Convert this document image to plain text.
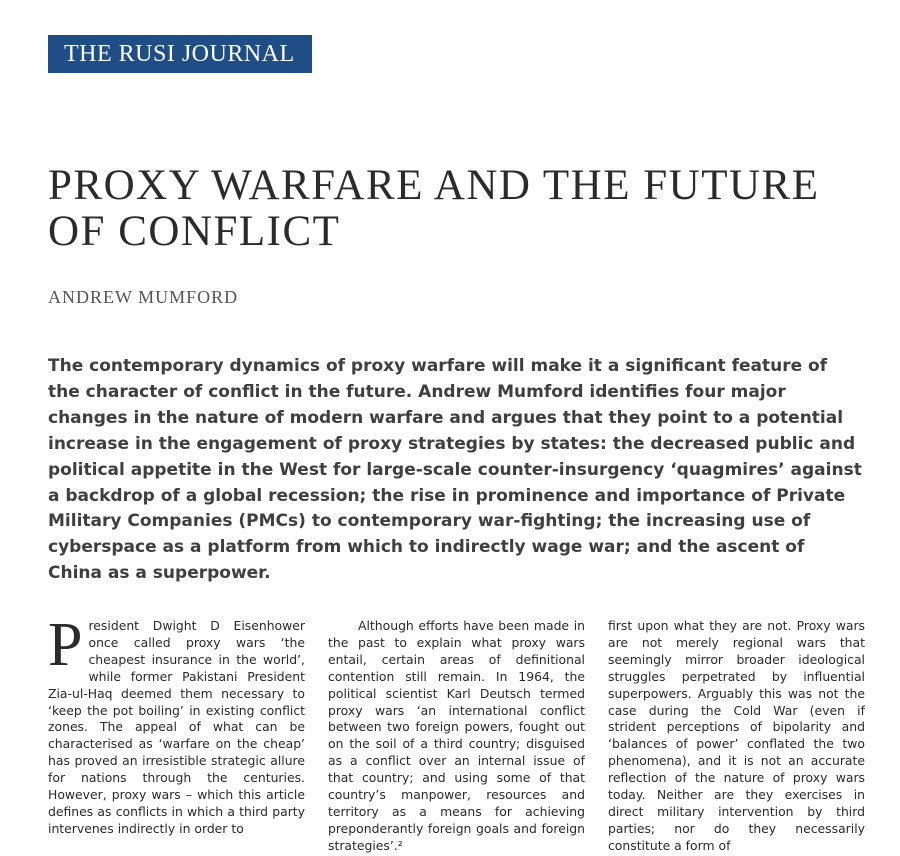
THE RUSI JOURNAL
PROXY WARFARE AND THE FUTURE OF CONFLICT
ANDREW MUMFORD

The contemporary dynamics of proxy warfare will make it a significant feature of the character of conflict in the future. Andrew Mumford identifies four major changes in the nature of modern warfare and argues that they point to a potential increase in the engagement of proxy strategies by states: the decreased public and political appetite in the West for large-scale counter-insurgency ‘quagmires’ against a backdrop of a global recession; the rise in prominence and importance of Private Military Companies (PMCs) to contemporary war-fighting; the increasing use of cyberspace as a platform from which to indirectly wage war; and the ascent of China as a superpower.

President Dwight D Eisenhower once called proxy wars ‘the cheapest insurance in the world’, while former Pakistani President Zia-ul-Haq deemed them necessary to ‘keep the pot boiling’ in existing conflict zones. The appeal of what can be characterised as ‘warfare on the cheap’ has proved an irresistible strategic allure for nations through the centuries. However, proxy wars – which this article defines as conflicts in which a third party intervenes indirectly in order to

Although efforts have been made in the past to explain what proxy wars entail, certain areas of definitional contention still remain. In 1964, the political scientist Karl Deutsch termed proxy wars ‘an international conflict between two foreign powers, fought out on the soil of a third country; disguised as a conflict over an internal issue of that country; and using some of that country’s manpower, resources and territory as a means for achieving preponderantly foreign goals and foreign strategies’.²

first upon what they are not. Proxy wars are not merely regional wars that seemingly mirror broader ideological struggles perpetrated by influential superpowers. Arguably this was not the case during the Cold War (even if strident perceptions of bipolarity and ‘balances of power’ conflated the two phenomena), and it is not an accurate reflection of the nature of proxy wars today. Neither are they exercises in direct military intervention by third parties; nor do they necessarily constitute a form of
